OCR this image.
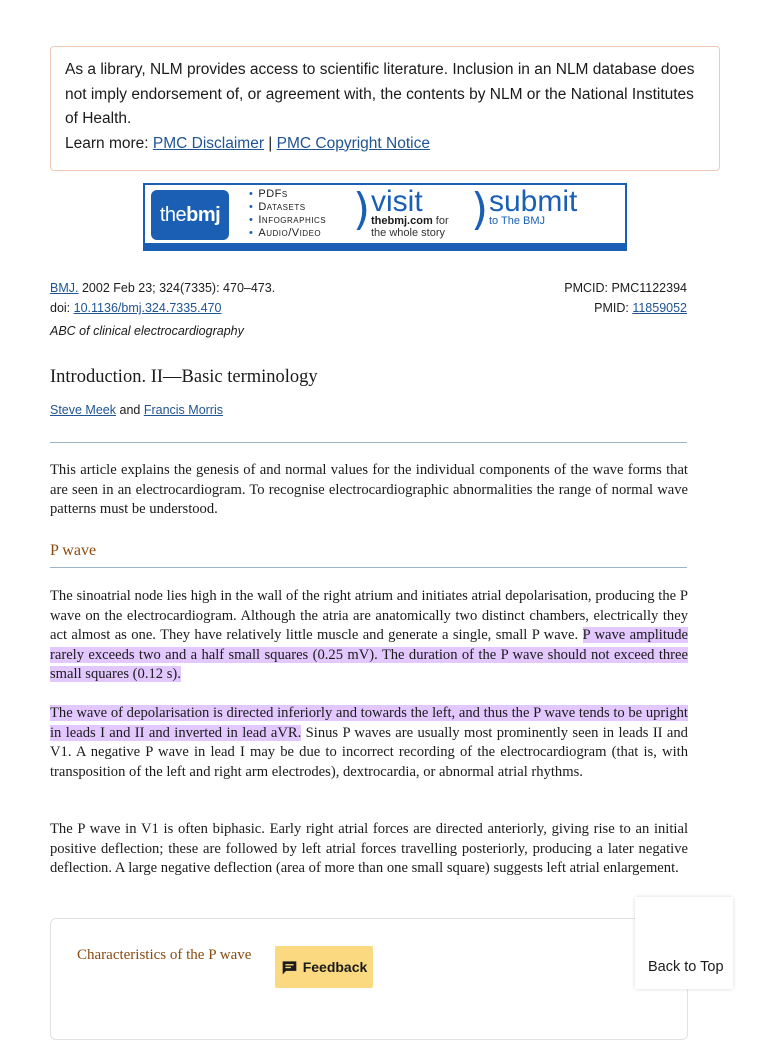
As a library, NLM provides access to scientific literature. Inclusion in an NLM database does not imply endorsement of, or agreement with, the contents by NLM or the National Institutes of Health.
Learn more: PMC Disclaimer | PMC Copyright Notice
thebmj
• PDFs
• Datasets
• Infographics
• Audio/Video ) visit
thebmj.com for
the whole story ) submit
to The BMJ
BMJ. 2002 Feb 23; 324(7335): 470–473.
doi: 10.1136/bmj.324.7335.470
ABC of clinical electrocardiography
PMCID: PMC1122394
PMID: 11859052
Introduction. II—Basic terminology
Steve Meek and Francis Morris

This article explains the genesis of and normal values for the individual components of the wave forms that are seen in an electrocardiogram. To recognise electrocardiographic abnormalities the range of normal wave patterns must be understood.

P wave

The sinoatrial node lies high in the wall of the right atrium and initiates atrial depolarisation, producing the P wave on the electrocardiogram. Although the atria are anatomically two distinct chambers, electrically they act almost as one. They have relatively little muscle and generate a single, small P wave. P wave amplitude rarely exceeds two and a half small squares (0.25 mV). The duration of the P wave should not exceed three small squares (0.12 s).

The wave of depolarisation is directed inferiorly and towards the left, and thus the P wave tends to be upright in leads I and II and inverted in lead aVR. Sinus P waves are usually most prominently seen in leads II and V1. A negative P wave in lead I may be due to incorrect recording of the electrocardiogram (that is, with transposition of the left and right arm electrodes), dextrocardia, or abnormal atrial rhythms.

The P wave in V1 is often biphasic. Early right atrial forces are directed anteriorly, giving rise to an initial positive deflection; these are followed by left atrial forces travelling posteriorly, producing a later negative deflection. A large negative deflection (area of more than one small square) suggests left atrial enlargement.

Characteristics of the P wave
Feedback	Back to Top
